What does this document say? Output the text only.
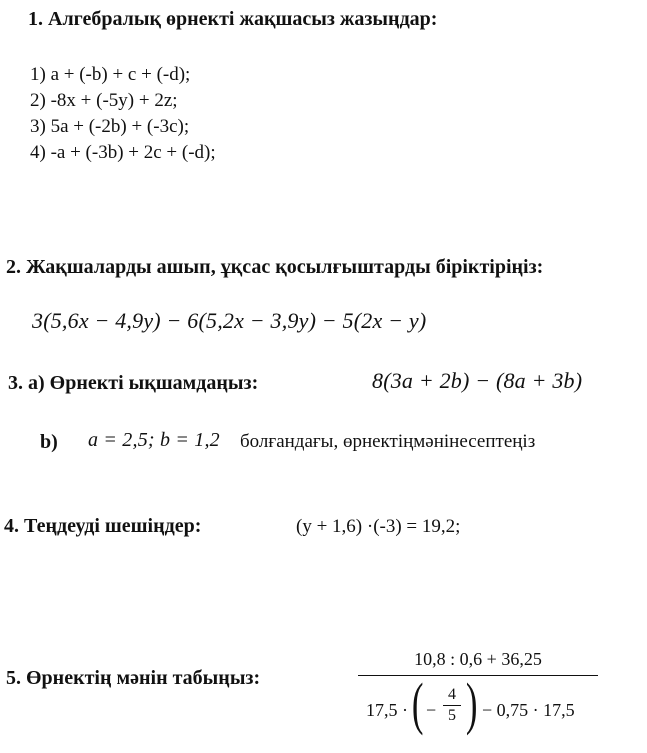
1. Алгебралық өрнекті жақшасыз жазыңдар:
1) a + (-b) + c + (-d);
2) -8x + (-5y) + 2z;
3) 5a + (-2b) + (-3c);
4) -a + (-3b) + 2c + (-d);
2. Жақшаларды ашып, ұқсас қосылғыштарды біріктіріңіз:
3(5,6x − 4,9y) − 6(5,2x − 3,9y) − 5(2x − y)
3. a) Өрнекті ықшамдаңыз:	8(3a + 2b) − (8a + 3b)
b) a = 2,5; b = 1,2 болғандағы, өрнектіңмәнінесептеңіз
4. Теңдеуді шешіңдер:	(y + 1,6) ·(-3) = 19,2;
5. Өрнектің мәнін табыңыз:
10,8 : 0,6 + 36,25
17,5 · ( −
4
5 ) − 0,75 · 17,5
